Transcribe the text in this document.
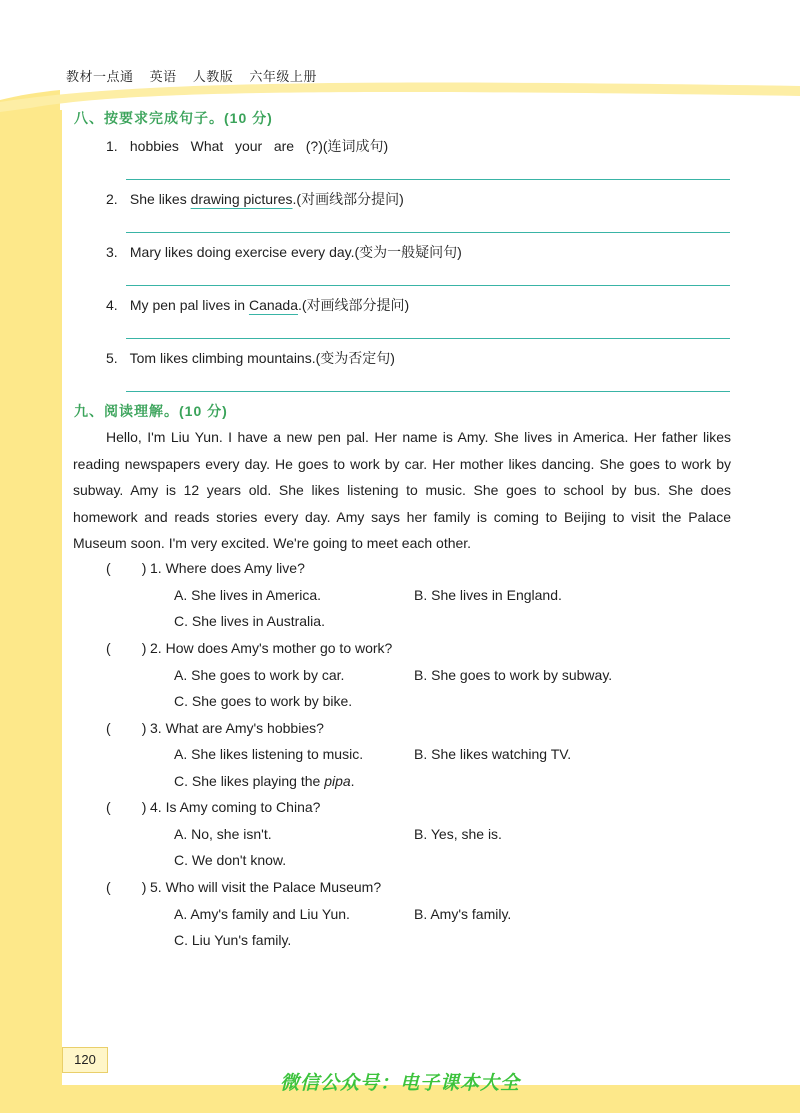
教材一点通 英语 人教版 六年级上册
八、按要求完成句子。(10 分)
1. hobbies   What   your   are   (?)(连词成句)
2. She likes drawing pictures.(对画线部分提问)
3. Mary likes doing exercise every day.(变为一般疑问句)
4. My pen pal lives in Canada.(对画线部分提问)
5. Tom likes climbing mountains.(变为否定句)
九、阅读理解。(10 分)

Hello, I'm Liu Yun. I have a new pen pal. Her name is Amy. She lives in America. Her father likes reading newspapers every day. He goes to work by car. Her mother likes dancing. She goes to work by subway. Amy is 12 years old. She likes listening to music. She goes to school by bus. She does homework and reads stories every day. Amy says her family is coming to Beijing to visit the Palace Museum soon. I'm very excited. We're going to meet each other.

(        ) 1. Where does Amy live?
A. She lives in America.	B. She lives in England.
C. She lives in Australia.
(        ) 2. How does Amy's mother go to work?
A. She goes to work by car.	B. She goes to work by subway.
C. She goes to work by bike.
(        ) 3. What are Amy's hobbies?
A. She likes listening to music.	B. She likes watching TV.
C. She likes playing the pipa.
(        ) 4. Is Amy coming to China?
A. No, she isn't.	B. Yes, she is.
C. We don't know.
(        ) 5. Who will visit the Palace Museum?
A. Amy's family and Liu Yun.	B. Amy's family.
C. Liu Yun's family.
120
微信公众号：电子课本大全
